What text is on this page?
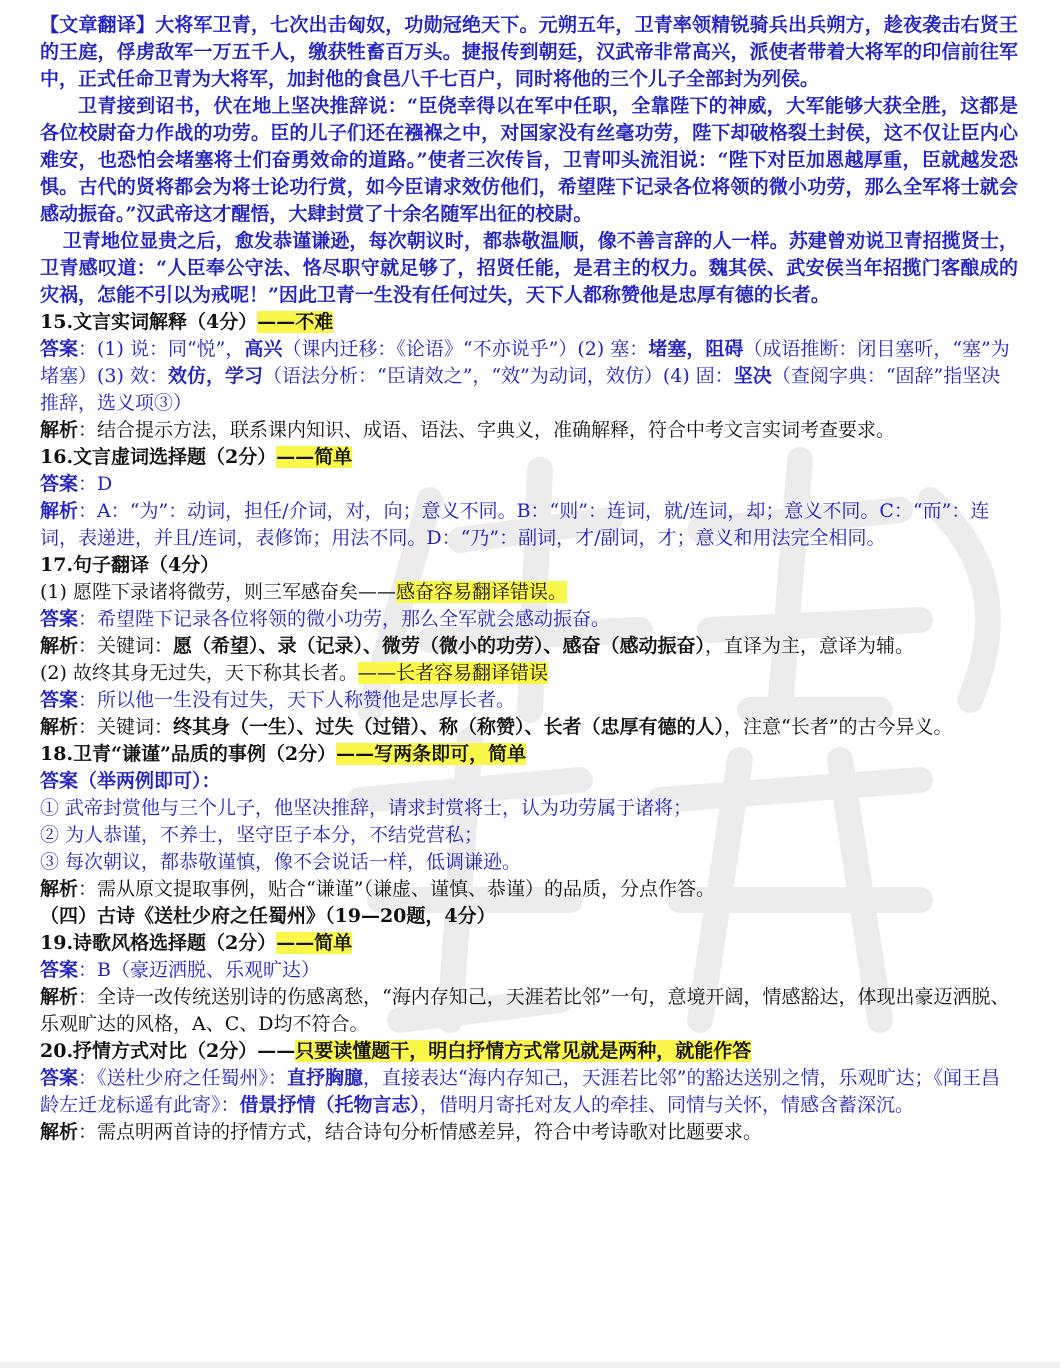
【文章翻译】大将军卫青，七次出击匈奴，功勋冠绝天下。元朔五年，卫青率领精锐骑兵出兵朔方，趁夜袭击右贤王的王庭，俘虏敌军一万五千人，缴获牲畜百万头。捷报传到朝廷，汉武帝非常高兴，派使者带着大将军的印信前往军中，正式任命卫青为大将军，加封他的食邑八千七百户，同时将他的三个儿子全部封为列侯。

卫青接到诏书，伏在地上坚决推辞说：“臣侥幸得以在军中任职，全靠陛下的神威，大军能够大获全胜，这都是各位校尉奋力作战的功劳。臣的儿子们还在襁褓之中，对国家没有丝毫功劳，陛下却破格裂土封侯，这不仅让臣内心难安，也恐怕会堵塞将士们奋勇效命的道路。”使者三次传旨，卫青叩头流泪说：“陛下对臣加恩越厚重，臣就越发恐惧。古代的贤将都会为将士论功行赏，如今臣请求效仿他们，希望陛下记录各位将领的微小功劳，那么全军将士就会感动振奋。”汉武帝这才醒悟，大肆封赏了十余名随军出征的校尉。

卫青地位显贵之后，愈发恭谨谦逊，每次朝议时，都恭敬温顺，像不善言辞的人一样。苏建曾劝说卫青招揽贤士，卫青感叹道：“人臣奉公守法、恪尽职守就足够了，招贤任能，是君主的权力。魏其侯、武安侯当年招揽门客酿成的灾祸，怎能不引以为戒呢！”因此卫青一生没有任何过失，天下人都称赞他是忠厚有德的长者。

15.文言实词解释（4分）——不难

答案：(1) 说：同“悦”，高兴（课内迁移：《论语》“不亦说乎”）(2) 塞：堵塞，阻碍（成语推断：闭目塞听，“塞”为堵塞）(3) 效：效仿，学习（语法分析：“臣请效之”，“效”为动词，效仿）(4) 固：坚决（查阅字典：“固辞”指坚决推辞，选义项③）

解析：结合提示方法，联系课内知识、成语、语法、字典义，准确解释，符合中考文言实词考查要求。

16.文言虚词选择题（2分）——简单

答案：D

解析：A：“为”：动词，担任/介词，对，向；意义不同。B：“则”：连词，就/连词，却；意义不同。C：“而”：连词，表递进，并且/连词，表修饰；用法不同。D：“乃”：副词，才/副词，才；意义和用法完全相同。

17.句子翻译（4分）

(1) 愿陛下录诸将微劳，则三军感奋矣——感奋容易翻译错误。

答案：希望陛下记录各位将领的微小功劳，那么全军就会感动振奋。

解析：关键词：愿（希望）、录（记录）、微劳（微小的功劳）、感奋（感动振奋），直译为主，意译为辅。

(2) 故终其身无过失，天下称其长者。——长者容易翻译错误

答案：所以他一生没有过失，天下人称赞他是忠厚长者。

解析：关键词：终其身（一生）、过失（过错）、称（称赞）、长者（忠厚有德的人），注意“长者”的古今异义。

18.卫青“谦谨”品质的事例（2分）——写两条即可，简单

答案（举两例即可）：

① 武帝封赏他与三个儿子，他坚决推辞，请求封赏将士，认为功劳属于诸将；

② 为人恭谨，不养士，坚守臣子本分，不结党营私；

③ 每次朝议，都恭敬谨慎，像不会说话一样，低调谦逊。

解析：需从原文提取事例，贴合“谦谨”（谦虚、谨慎、恭谨）的品质，分点作答。

（四）古诗《送杜少府之任蜀州》（19—20题，4分）

19.诗歌风格选择题（2分）——简单

答案：B（豪迈洒脱、乐观旷达）

解析：全诗一改传统送别诗的伤感离愁，“海内存知己，天涯若比邻”一句，意境开阔，情感豁达，体现出豪迈洒脱、乐观旷达的风格，A、C、D均不符合。

20.抒情方式对比（2分）——只要读懂题干，明白抒情方式常见就是两种，就能作答

答案：《送杜少府之任蜀州》：直抒胸臆，直接表达“海内存知己，天涯若比邻”的豁达送别之情，乐观旷达；《闻王昌龄左迁龙标遥有此寄》：借景抒情（托物言志），借明月寄托对友人的牵挂、同情与关怀，情感含蓄深沉。

解析：需点明两首诗的抒情方式，结合诗句分析情感差异，符合中考诗歌对比题要求。
